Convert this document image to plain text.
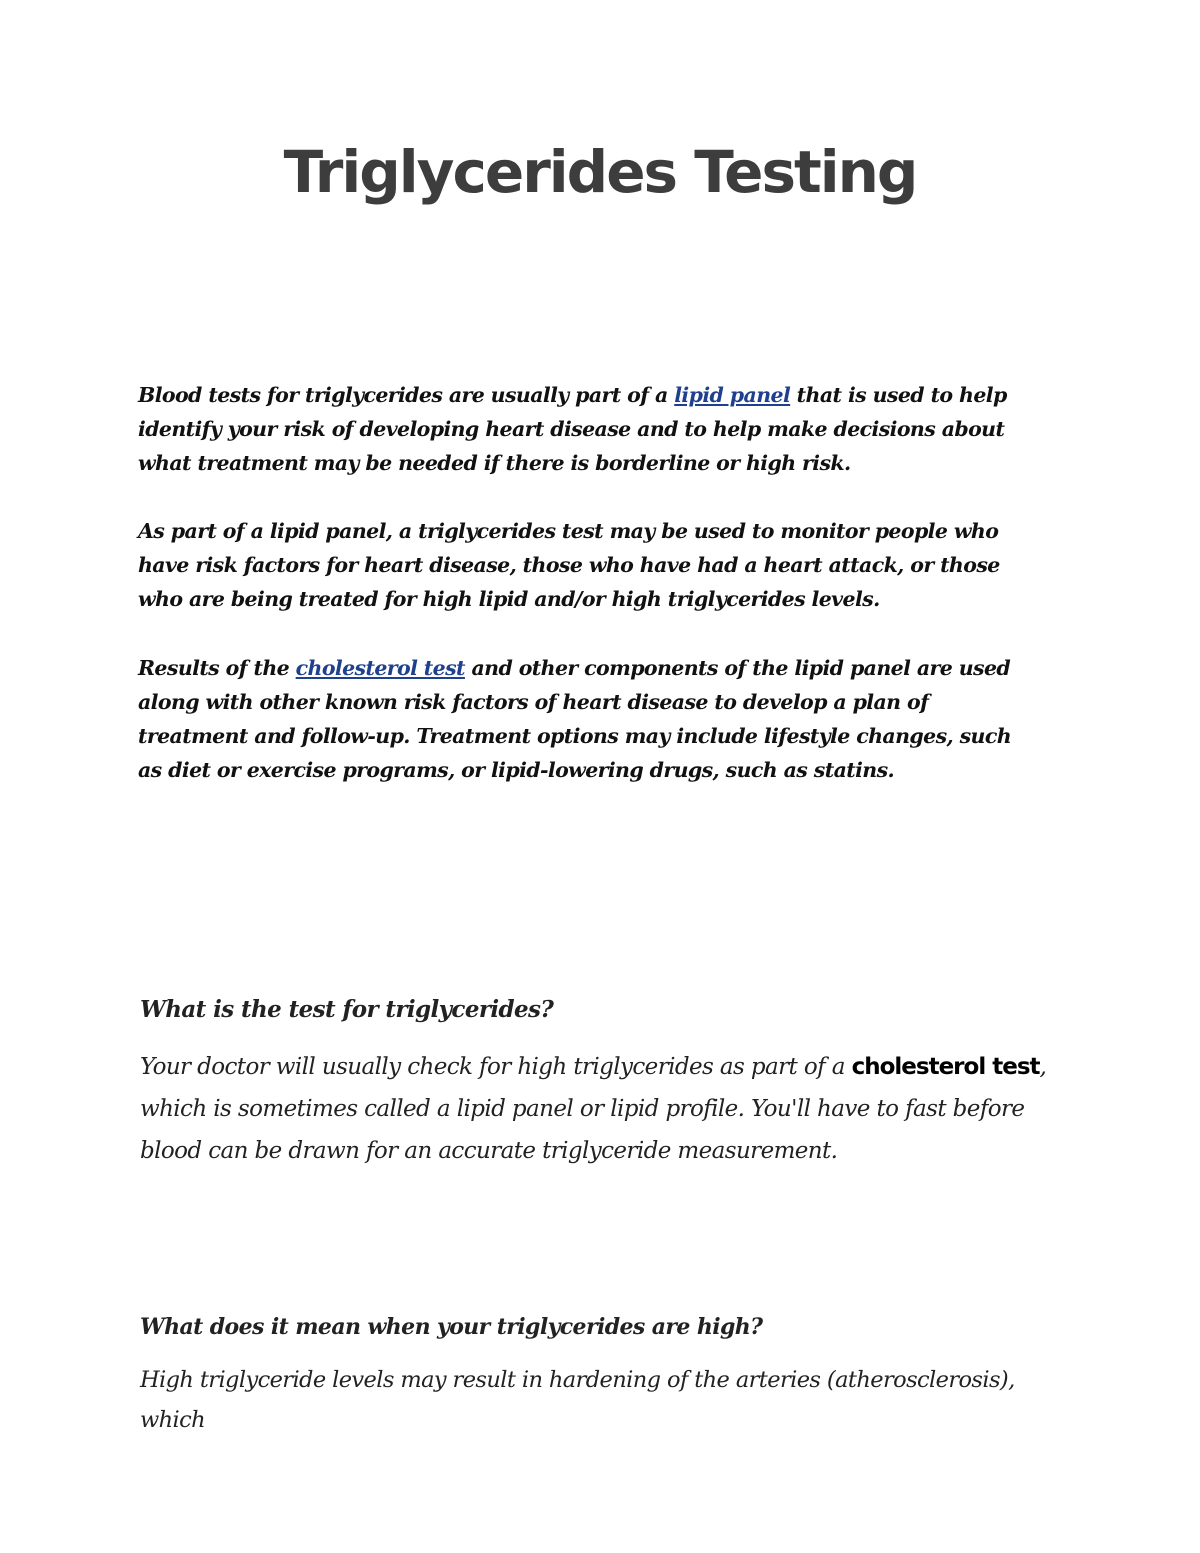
Triglycerides Testing

Blood tests for triglycerides are usually part of a lipid panel that is used to help identify your risk of developing heart disease and to help make decisions about what treatment may be needed if there is borderline or high risk.

As part of a lipid panel, a triglycerides test may be used to monitor people who have risk factors for heart disease, those who have had a heart attack, or those who are being treated for high lipid and/or high triglycerides levels.

Results of the cholesterol test and other components of the lipid panel are used along with other known risk factors of heart disease to develop a plan of treatment and follow-up. Treatment options may include lifestyle changes, such as diet or exercise programs, or lipid-lowering drugs, such as statins.

What is the test for triglycerides?

Your doctor will usually check for high triglycerides as part of a cholesterol test, which is sometimes called a lipid panel or lipid profile. You'll have to fast before blood can be drawn for an accurate triglyceride measurement.

What does it mean when your triglycerides are high?

High triglyceride levels may result in hardening of the arteries (atherosclerosis), which
